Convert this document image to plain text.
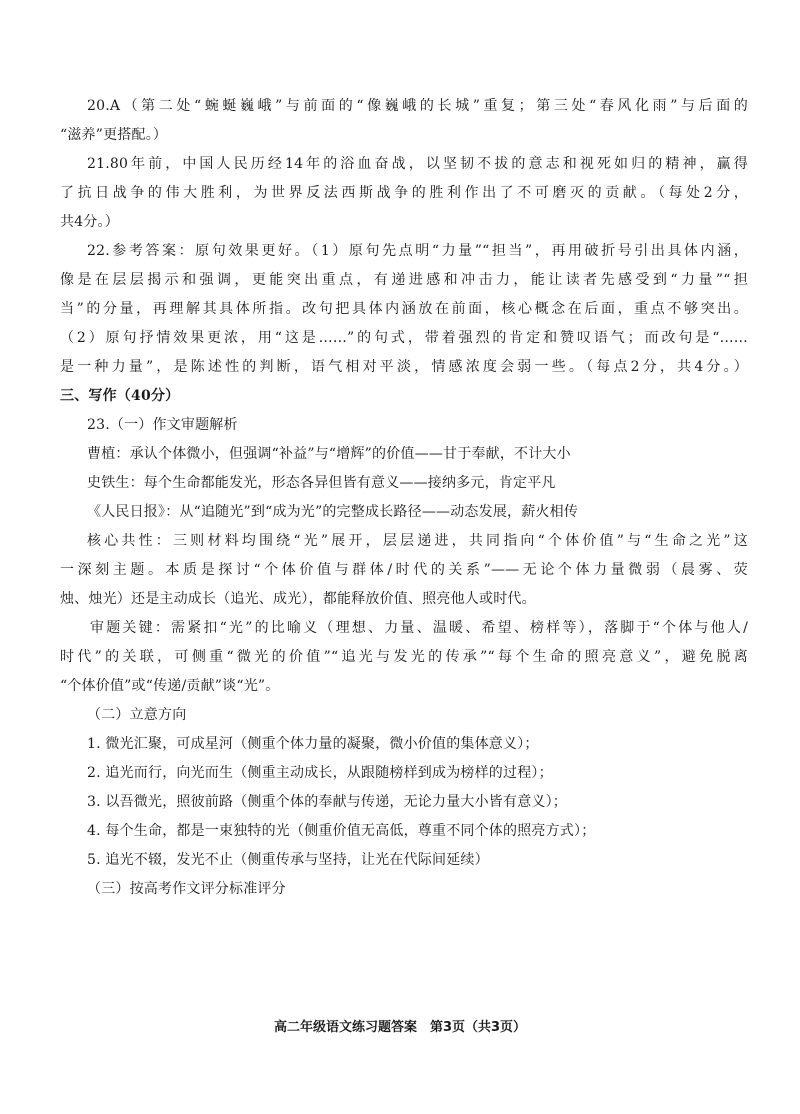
20.A（第二处“蜿蜒巍峨”与前面的“像巍峨的长城”重复；第三处“春风化雨”与后面的
“滋养”更搭配。）
21.80年前，中国人民历经14年的浴血奋战，以坚韧不拔的意志和视死如归的精神，赢得
了抗日战争的伟大胜利，为世界反法西斯战争的胜利作出了不可磨灭的贡献。（每处2分，
共4分。）
22.参考答案：原句效果更好。（1）原句先点明“力量”“担当”，再用破折号引出具体内涵，
像是在层层揭示和强调，更能突出重点，有递进感和冲击力，能让读者先感受到“力量”“担
当”的分量，再理解其具体所指。改句把具体内涵放在前面，核心概念在后面，重点不够突出。
（2）原句抒情效果更浓，用“这是……”的句式，带着强烈的肯定和赞叹语气；而改句是“……
是一种力量”，是陈述性的判断，语气相对平淡，情感浓度会弱一些。（每点2分，共4分。）
三、写作（40分）
23.（一）作文审题解析
曹植：承认个体微小，但强调“补益”与“增辉”的价值——甘于奉献，不计大小
史铁生：每个生命都能发光，形态各异但皆有意义——接纳多元，肯定平凡
《人民日报》：从“追随光”到“成为光”的完整成长路径——动态发展，薪火相传
核心共性：三则材料均围绕“光”展开，层层递进，共同指向“个体价值”与“生命之光”这
一深刻主题。本质是探讨“个体价值与群体/时代的关系”——无论个体力量微弱（晨雾、荧
烛、烛光）还是主动成长（追光、成光），都能释放价值、照亮他人或时代。
审题关键：需紧扣“光”的比喻义（理想、力量、温暖、希望、榜样等），落脚于“个体与他人/
时代”的关联，可侧重“微光的价值”“追光与发光的传承”“每个生命的照亮意义”，避免脱离
“个体价值”或“传递/贡献”谈“光”。
（二）立意方向
1. 微光汇聚，可成星河（侧重个体力量的凝聚，微小价值的集体意义）；
2. 追光而行，向光而生（侧重主动成长，从跟随榜样到成为榜样的过程）；
3. 以吾微光，照彼前路（侧重个体的奉献与传递，无论力量大小皆有意义）；
4. 每个生命，都是一束独特的光（侧重价值无高低，尊重不同个体的照亮方式）；
5. 追光不辍，发光不止（侧重传承与坚持，让光在代际间延续）
（三）按高考作文评分标准评分
高二年级语文练习题答案　第3页（共3页）
